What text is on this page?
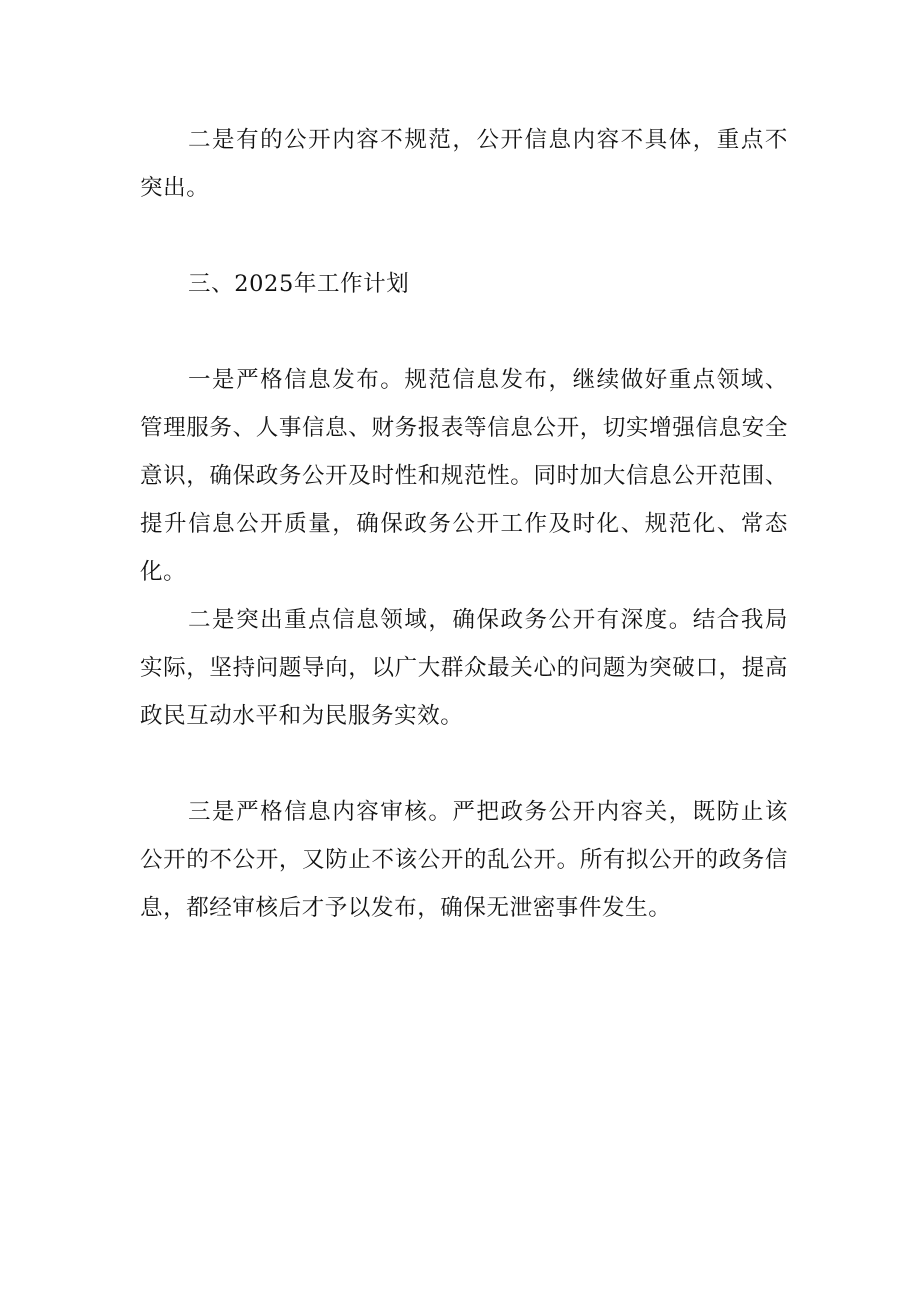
二是有的公开内容不规范，公开信息内容不具体，重点不突出。

三、2025年工作计划

一是严格信息发布。规范信息发布，继续做好重点领域、管理服务、人事信息、财务报表等信息公开，切实增强信息安全意识，确保政务公开及时性和规范性。同时加大信息公开范围、提升信息公开质量，确保政务公开工作及时化、规范化、常态化。

二是突出重点信息领域，确保政务公开有深度。结合我局实际，坚持问题导向，以广大群众最关心的问题为突破口，提高政民互动水平和为民服务实效。

三是严格信息内容审核。严把政务公开内容关，既防止该公开的不公开，又防止不该公开的乱公开。所有拟公开的政务信息，都经审核后才予以发布，确保无泄密事件发生。
